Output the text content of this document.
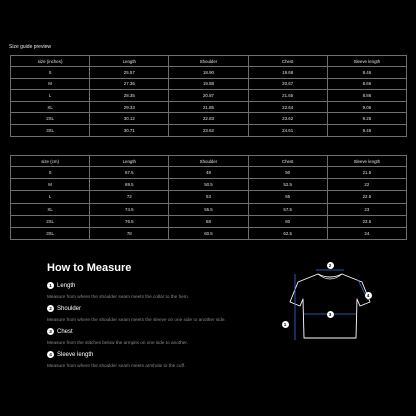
Size guide preview
size (inches)	Length	Shoulder	Chest	Sleeve length
S	25.57	18.90	19.68	8.46
M	27.36	19.88	20.67	8.66
L	28.35	20.87	21.65	8.86
XL	29.33	21.85	22.64	9.06
2XL	30.12	22.83	23.62	9.25
3XL	30.71	23.62	24.61	9.45
size (cm)	Length	Shoulder	Chest	Sleeve length
S	67.5	48	50	21.5
M	69.5	50.5	52.5	22
L	72	53	55	22.5
XL	74.5	55.5	57.5	23
2XL	76.5	58	60	23.5
3XL	78	60.5	62.5	24
How to Measure
1 Length
Measure from where the shoulder seam meets the collar to the hem.
2 Shoulder
Measure from where the shoulder seam meets the sleeve on one side to another side.
3 Chest
Measure from the stitches below the armpits on one side to another.
4 Sleeve length
Measure from where the shoulder seam meets armhole to the cuff.
2
3
1
4
